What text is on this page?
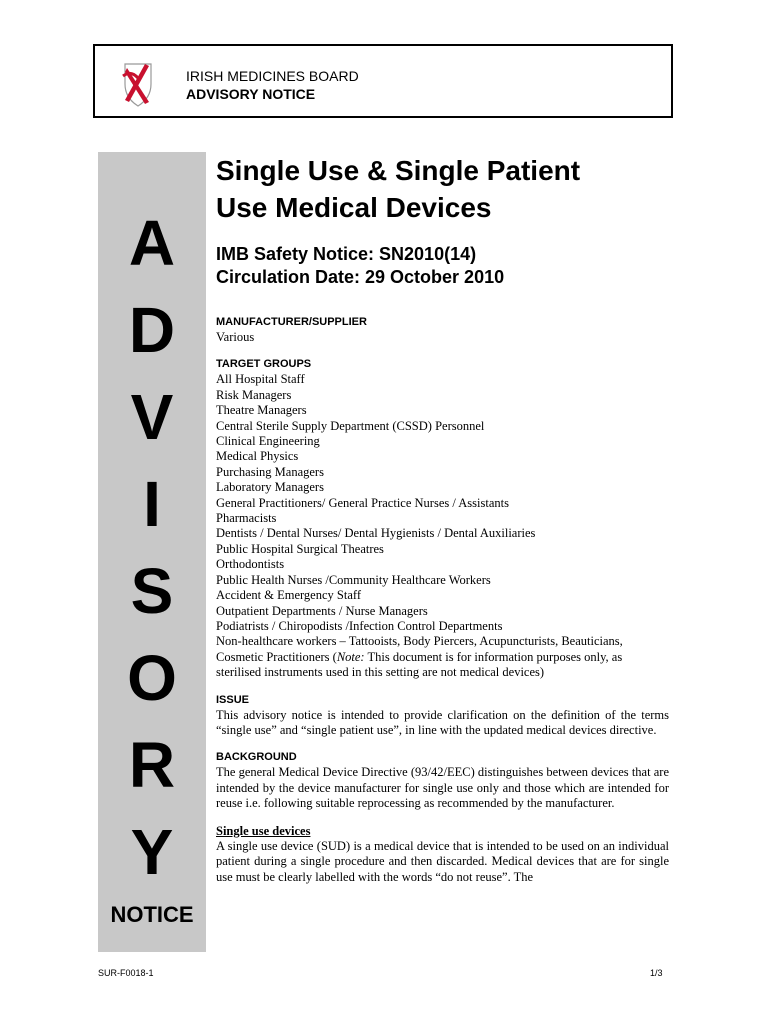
IRISH MEDICINES BOARD
ADVISORY NOTICE
A
D
V
I
S
O
R
Y
NOTICE
Single Use & Single Patient
Use Medical Devices
IMB Safety Notice: SN2010(14)
Circulation Date: 29 October 2010
MANUFACTURER/SUPPLIER
Various
TARGET GROUPS
All Hospital Staff
Risk Managers
Theatre Managers
Central Sterile Supply Department (CSSD) Personnel
Clinical Engineering
Medical Physics
Purchasing Managers
Laboratory Managers
General Practitioners/ General Practice Nurses / Assistants
Pharmacists
Dentists / Dental Nurses/ Dental Hygienists / Dental Auxiliaries
Public Hospital Surgical Theatres
Orthodontists
Public Health Nurses /Community Healthcare Workers
Accident & Emergency Staff
Outpatient Departments / Nurse Managers
Podiatrists / Chiropodists /Infection Control Departments
Non-healthcare workers – Tattooists, Body Piercers, Acupuncturists, Beauticians,
Cosmetic Practitioners (Note: This document is for information purposes only, as
sterilised instruments used in this setting are not medical devices)
ISSUE
This advisory notice is intended to provide clarification on the definition of the terms “single use” and “single patient use”, in line with the updated medical devices directive.
BACKGROUND
The general Medical Device Directive (93/42/EEC) distinguishes between devices that are intended by the device manufacturer for single use only and those which are intended for reuse i.e. following suitable reprocessing as recommended by the manufacturer.
Single use devices
A single use device (SUD) is a medical device that is intended to be used on an individual patient during a single procedure and then discarded. Medical devices that are for single use must be clearly labelled with the words “do not reuse”. The
SUR-F0018-1	1/3
